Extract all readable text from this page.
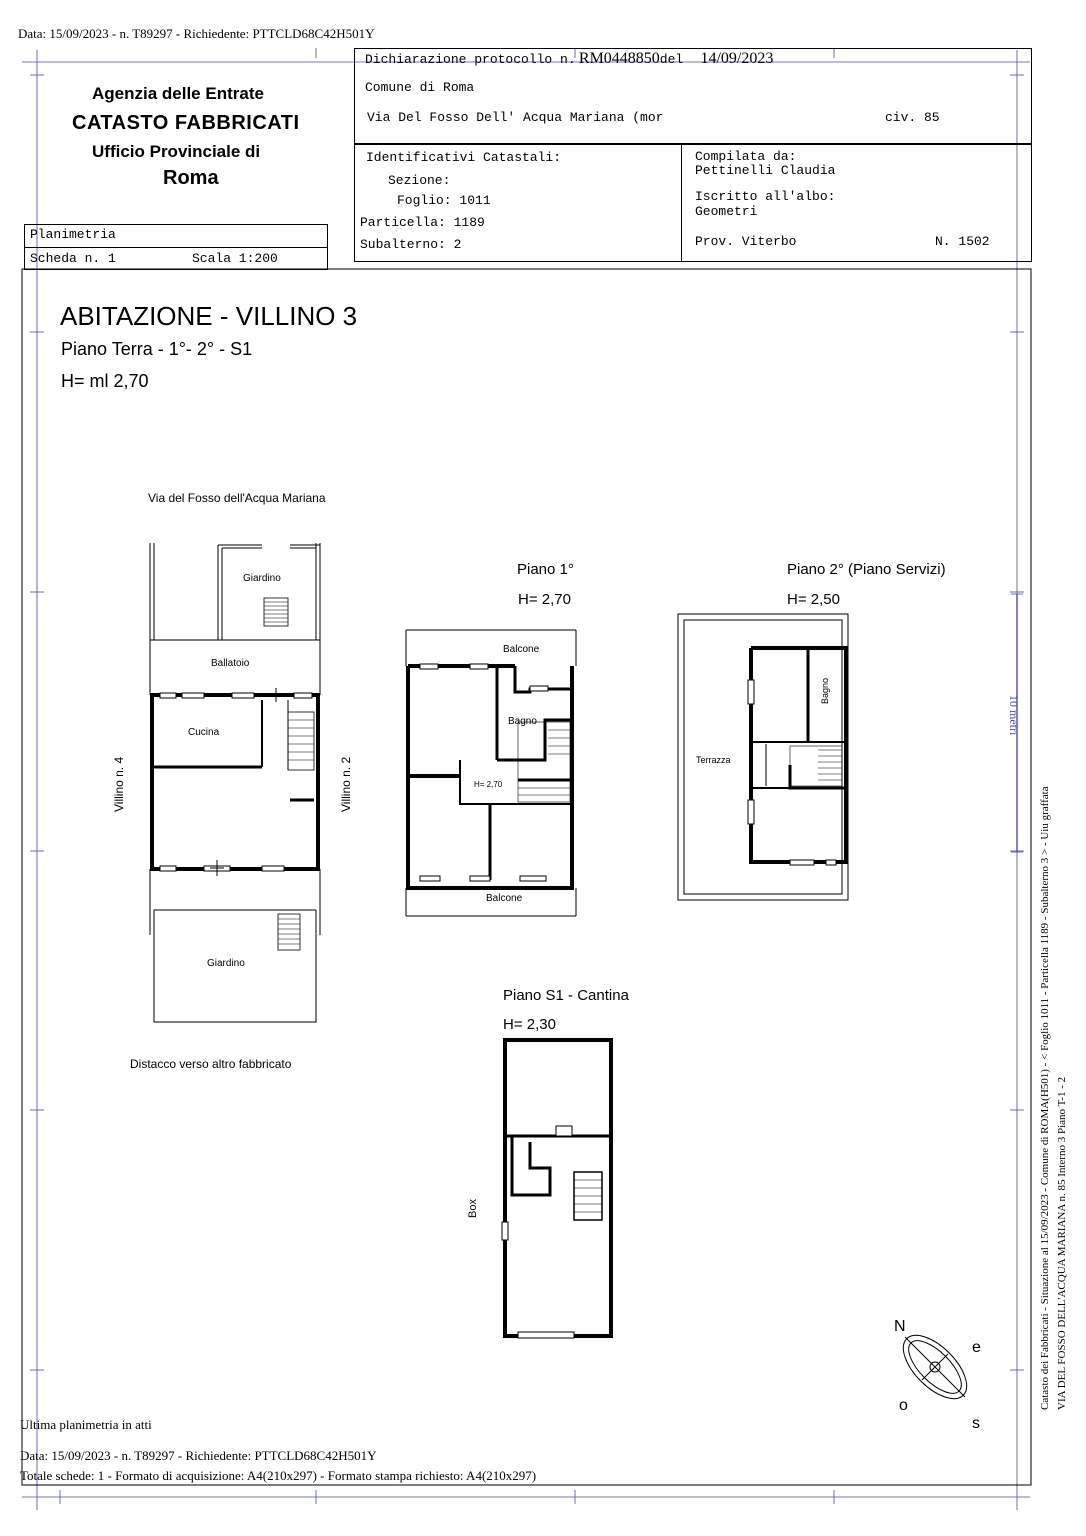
Data: 15/09/2023 - n. T89297 - Richiedente: PTTCLD68C42H501Y
Agenzia delle Entrate
CATASTO FABBRICATI
Ufficio Provinciale di
Roma
Planimetria
Scheda n. 1	Scala 1:200
Dichiarazione protocollo n. RM0448850del 14/09/2023
Comune di Roma
Via Del Fosso Dell' Acqua Mariana (mor	civ. 85
Identificativi Catastali:
Sezione:
Foglio: 1011
Particella: 1189
Subalterno: 2
Compilata da:
Pettinelli Claudia
Iscritto all'albo:
Geometri
Prov. Viterbo	N. 1502
ABITAZIONE - VILLINO 3
Piano Terra - 1°- 2° - S1
H= ml 2,70
Via del Fosso dell'Acqua Mariana
Giardino
Ballatoio
Cucina
Villino n. 4	Villino n. 2
Giardino
Distacco verso altro fabbricato
Piano 1°
H= 2,70
Balcone
Bagno
H= 2,70
Balcone
Piano 2° (Piano Servizi)
H= 2,50
Bagno
Terrazza
Piano S1 - Cantina
H= 2,30
Box
N
e
o
s
10 metri
Catasto dei Fabbricati - Situazione al 15/09/2023 - Comune di ROMA(H501) - < Foglio 1011 - Particella 1189 - Subalterno 3 > - Uiu graffata VIA DEL FOSSO DELL'ACQUA MARIANA n. 85 Interno 3 Piano T-1 - 2
Ultima planimetria in atti
Data: 15/09/2023 - n. T89297 - Richiedente: PTTCLD68C42H501Y
Totale schede: 1 - Formato di acquisizione: A4(210x297) - Formato stampa richiesto: A4(210x297)
